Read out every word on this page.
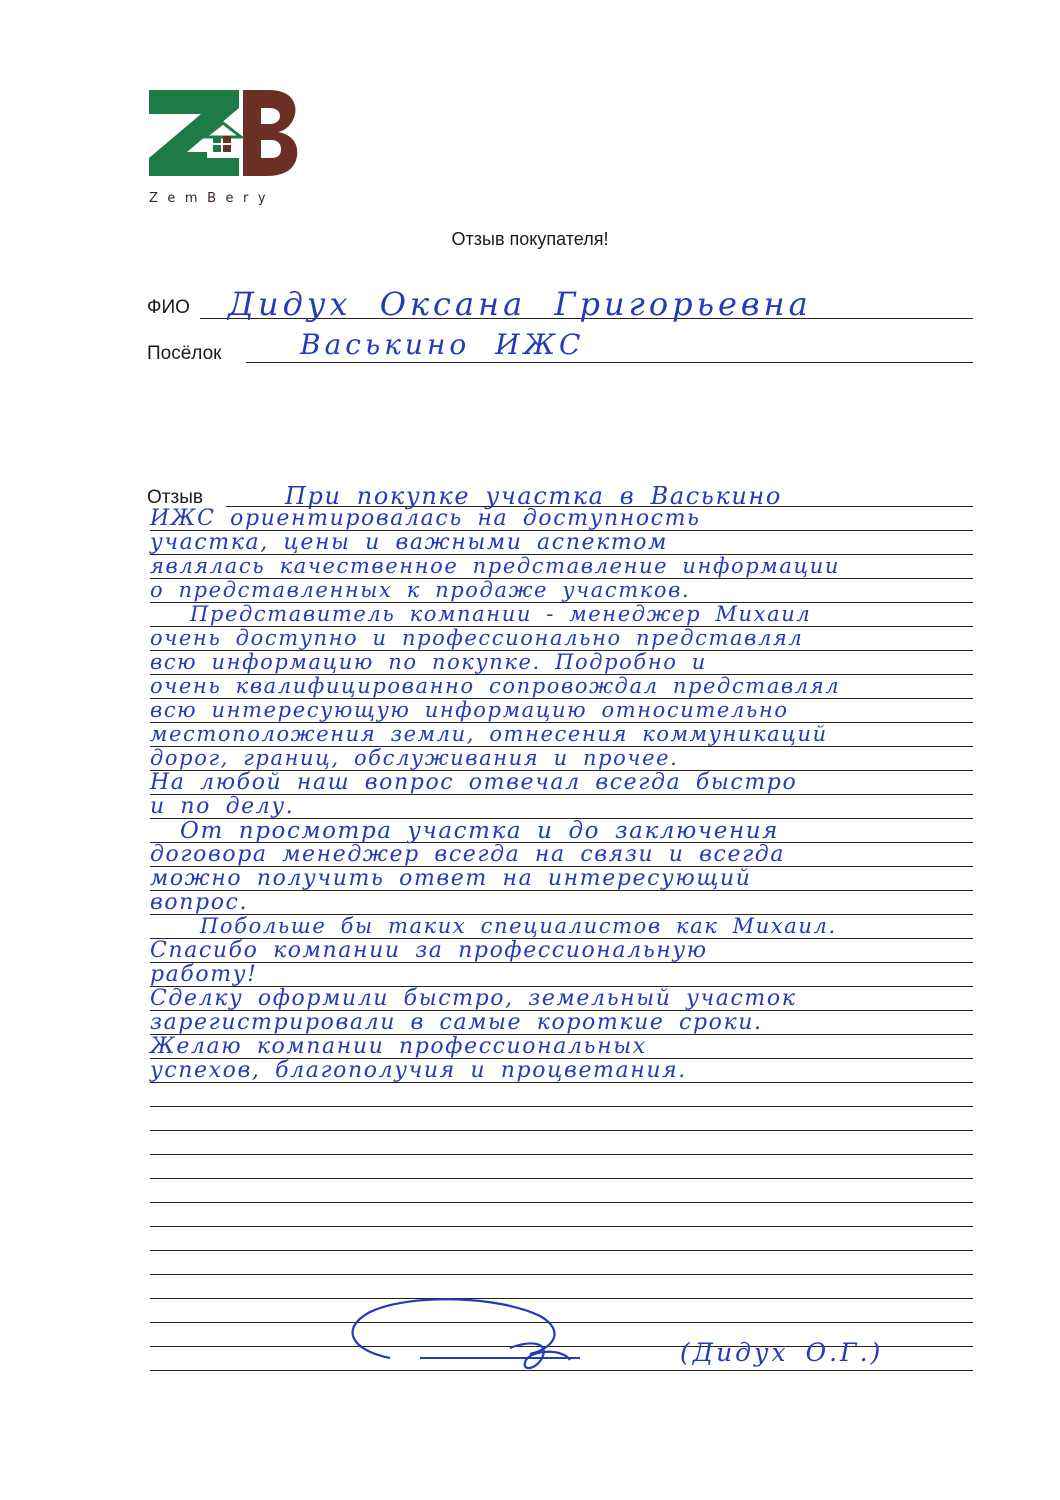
ZemBery
Отзыв покупателя!
ФИО Дидух Оксана Григорьевна
Посёлок	Васькино ИЖС
Отзыв	При покупке участка в Васькино
ИЖС ориентировалась на доступность
участка, цены и важными аспектом
являлась качественное представление информации
о представленных к продаже участков.
Представитель компании - менеджер Михаил
очень доступно и профессионально представлял
всю информацию по покупке. Подробно и
очень квалифицированно сопровождал представлял
всю интересующую информацию относительно
местоположения земли, отнесения коммуникаций
дорог, границ, обслуживания и прочее.
На любой наш вопрос отвечал всегда быстро
и по делу.
От просмотра участка и до заключения
договора менеджер всегда на связи и всегда
можно получить ответ на интересующий
вопрос.
Побольше бы таких специалистов как Михаил.
Спасибо компании за профессиональную
работу!
Сделку оформили быстро, земельный участок
зарегистрировали в самые короткие сроки.
Желаю компании профессиональных
успехов, благополучия и процветания.
(Дидух О.Г.)
